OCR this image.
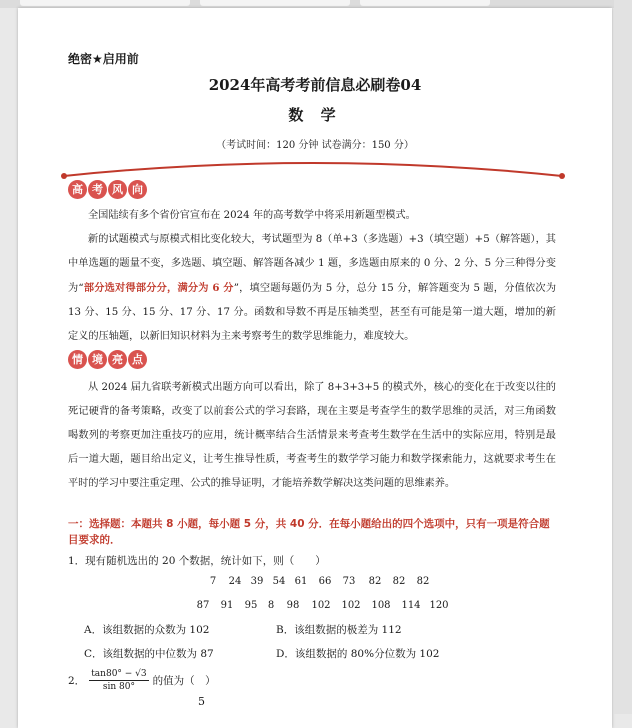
绝密★启用前
2024年高考考前信息必刷卷04
数 学
（考试时间：120 分钟 试卷满分：150 分）
高 考 风 向

全国陆续有多个省份官宣布在 2024 年的高考数学中将采用新题型模式。

新的试题模式与原模式相比变化较大，考试题型为 8（单+3（多选题）+3（填空题）+5（解答题），其中单选题的题量不变，多选题、填空题、解答题各减少 1 题，多选题由原来的 0 分、2 分、5 分三种得分变为“部分选对得部分分，满分为 6 分”，填空题每题仍为 5 分，总分 15 分，解答题变为 5 题，分值依次为 13 分、15 分、15 分、17 分、17 分。函数和导数不再是压轴类型，甚至有可能是第一道大题，增加的新定义的压轴题，以新旧知识材料为主来考察考生的数学思维能力，难度较大。

情 境 亮 点

从 2024 届九省联考新模式出题方向可以看出，除了 8+3+3+5 的模式外，核心的变化在于改变以往的死记硬背的备考策略，改变了以前套公式的学习套路，现在主要是考查学生的数学思维的灵活，对三角函数喝数列的考察更加注重技巧的应用，统计概率结合生活情景来考查考生数学在生活中的实际应用，特别是最后一道大题，题目给出定义，让考生推导性质，考查考生的数学学习能力和数学探索能力，这就要求考生在平时的学习中要注重定理、公式的推导证明，才能培养数学解决这类问题的思维素养。

一：选择题：本题共 8 小题，每小题 5 分，共 40 分．在每小题给出的四个选项中，只有一项是符合题目要求的．
1．现有随机选出的 20 个数据，统计如下，则（　　）
7	24 39 54 61	66	73	82	82	82
87	91	95	8	98	102	102	108	114 120
A．该组数据的众数为 102	B．该组数据的极差为 112
C．该组数据的中位数为 87	D．该组数据的 80%分位数为 102
2． $\frac{\tan 80^\circ - √3}{\sin 80^\circ}$ 的值为（　）
5
